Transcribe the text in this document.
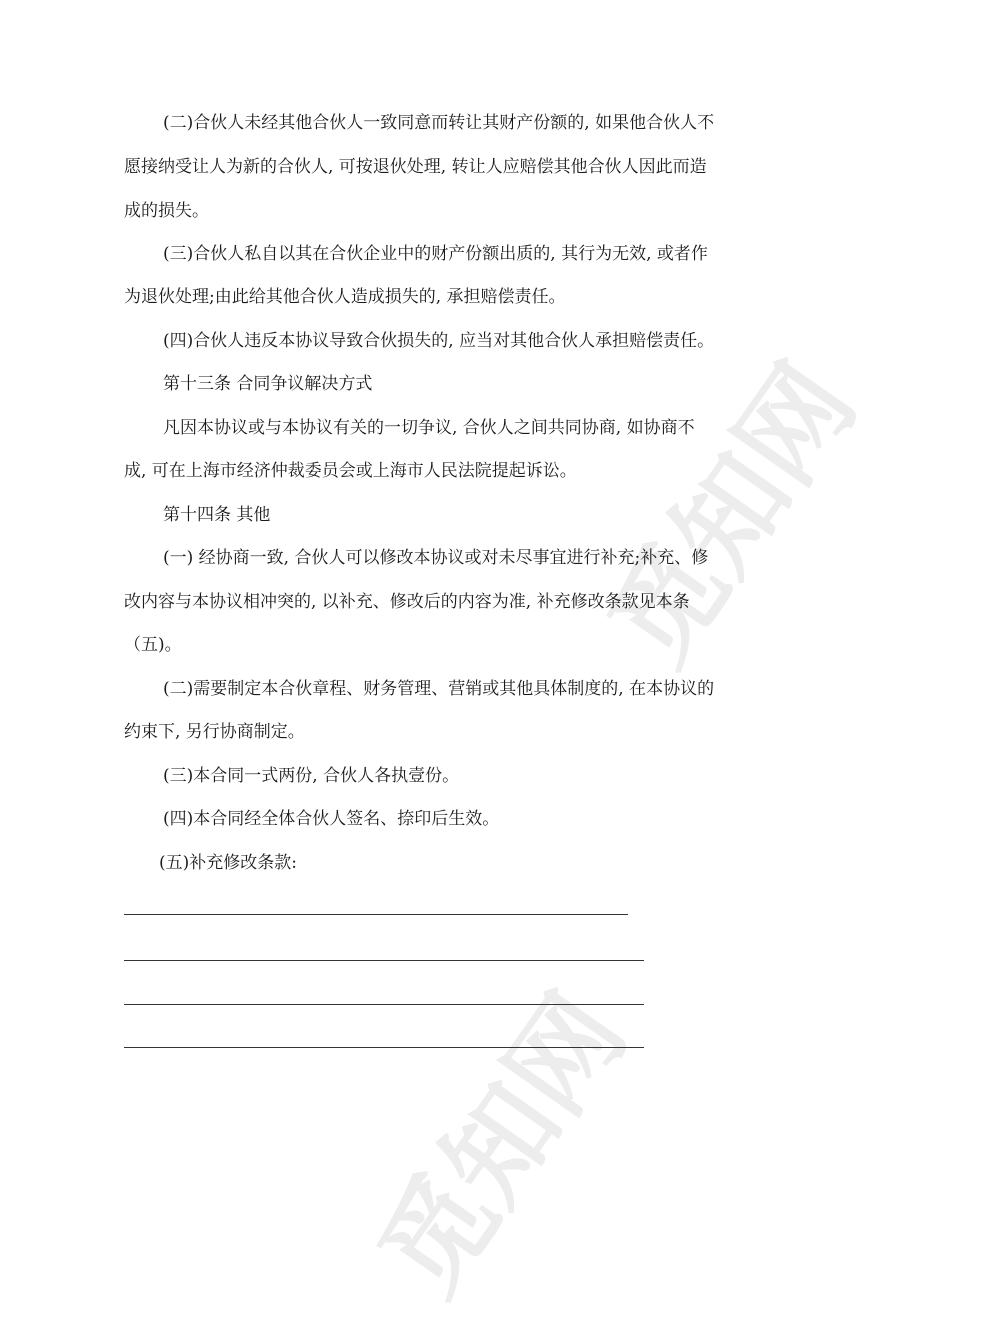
觅知网
觅知网
(二)合伙人未经其他合伙人一致同意而转让其财产份额的, 如果他合伙人不
愿接纳受让人为新的合伙人, 可按退伙处理, 转让人应赔偿其他合伙人因此而造
成的损失。
(三)合伙人私自以其在合伙企业中的财产份额出质的, 其行为无效, 或者作
为退伙处理;由此给其他合伙人造成损失的, 承担赔偿责任。
(四)合伙人违反本协议导致合伙损失的, 应当对其他合伙人承担赔偿责任。
第十三条 合同争议解决方式
凡因本协议或与本协议有关的一切争议, 合伙人之间共同协商, 如协商不
成, 可在上海市经济仲裁委员会或上海市人民法院提起诉讼。
第十四条 其他
(一) 经协商一致, 合伙人可以修改本协议或对未尽事宜进行补充;补充、修
改内容与本协议相冲突的, 以补充、修改后的内容为准, 补充修改条款见本条
（五)。
(二)需要制定本合伙章程、财务管理、营销或其他具体制度的, 在本协议的
约束下, 另行协商制定。
(三)本合同一式两份, 合伙人各执壹份。
(四)本合同经全体合伙人签名、捺印后生效。
(五)补充修改条款:
